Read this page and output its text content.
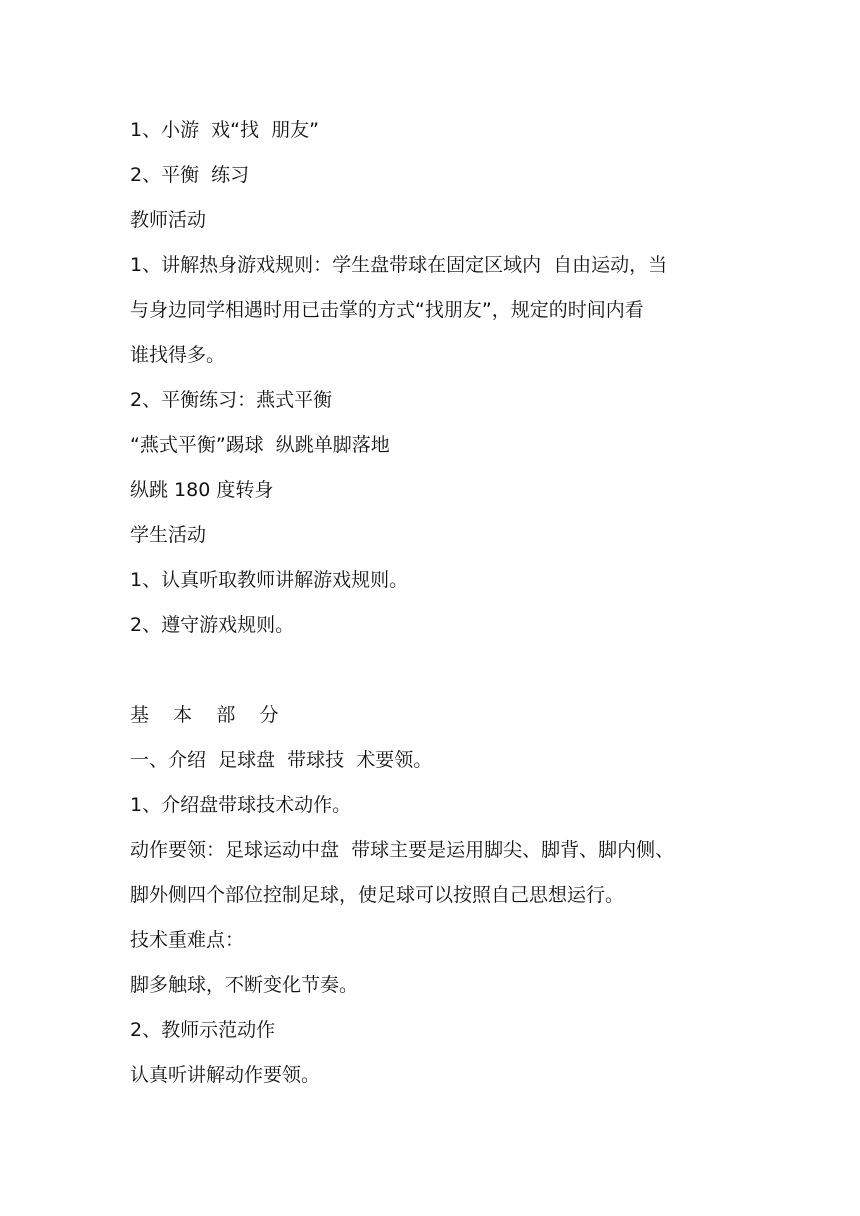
1、小游  戏“找  朋友”

2、平衡  练习

教师活动

1、讲解热身游戏规则：学生盘带球在固定区域内  自由运动，当

与身边同学相遇时用已击掌的方式“找朋友”，规定的时间内看

谁找得多。

2、平衡练习：燕式平衡

“燕式平衡”踢球  纵跳单脚落地

纵跳 180 度转身

学生活动

1、认真听取教师讲解游戏规则。

2、遵守游戏规则。

基    本    部    分

一、介绍  足球盘  带球技  术要领。

1、介绍盘带球技术动作。

动作要领：足球运动中盘  带球主要是运用脚尖、脚背、脚内侧、

脚外侧四个部位控制足球，使足球可以按照自己思想运行。

技术重难点：

脚多触球，不断变化节奏。

2、教师示范动作

认真听讲解动作要领。
